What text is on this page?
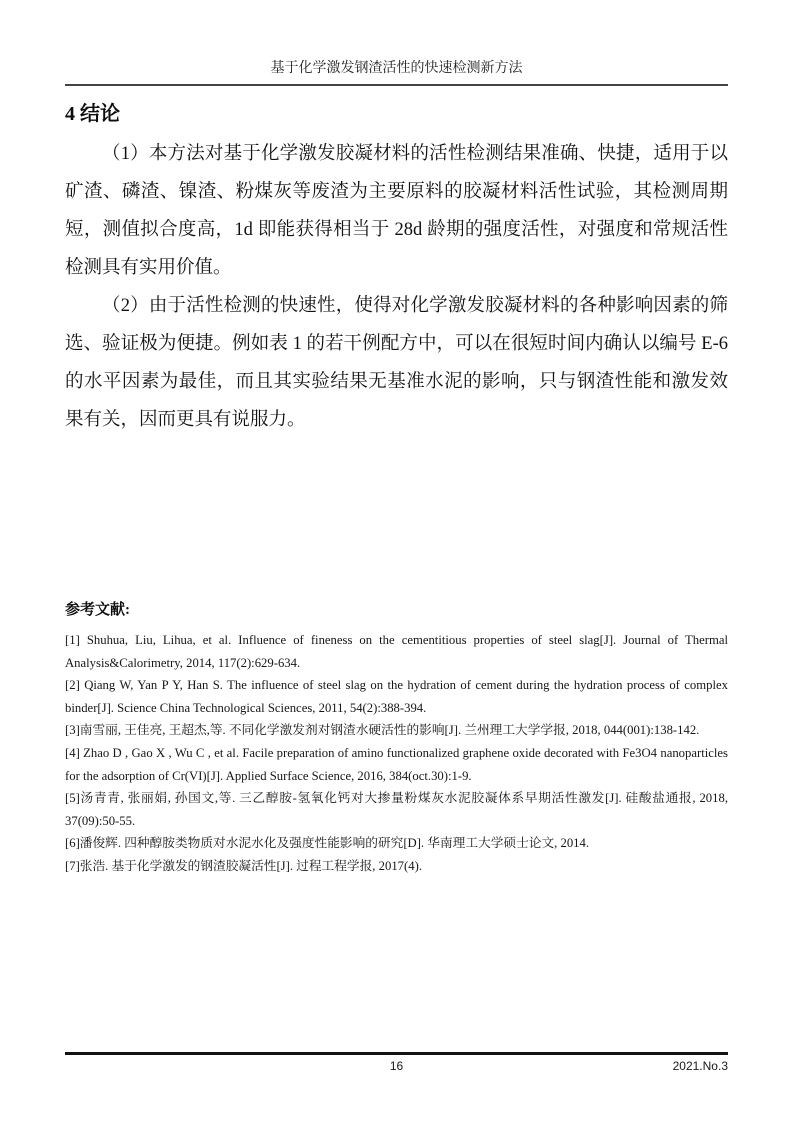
基于化学激发钢渣活性的快速检测新方法
4 结论

（1）本方法对基于化学激发胶凝材料的活性检测结果准确、快捷，适用于以矿渣、磷渣、镍渣、粉煤灰等废渣为主要原料的胶凝材料活性试验，其检测周期短，测值拟合度高，1d 即能获得相当于 28d 龄期的强度活性，对强度和常规活性检测具有实用价值。

（2）由于活性检测的快速性，使得对化学激发胶凝材料的各种影响因素的筛选、验证极为便捷。例如表 1 的若干例配方中，可以在很短时间内确认以编号 E-6 的水平因素为最佳，而且其实验结果无基准水泥的影响，只与钢渣性能和激发效果有关，因而更具有说服力。

参考文献:
[1] Shuhua, Liu, Lihua, et al. Influence of fineness on the cementitious properties of steel slag[J]. Journal of Thermal Analysis&Calorimetry, 2014, 117(2):629-634.
[2] Qiang W, Yan P Y, Han S. The influence of steel slag on the hydration of cement during the hydration process of complex binder[J]. Science China Technological Sciences, 2011, 54(2):388-394.
[3]南雪丽, 王佳亮, 王超杰,等. 不同化学激发剂对钢渣水硬活性的影响[J]. 兰州理工大学学报, 2018, 044(001):138-142.
[4] Zhao D , Gao X , Wu C , et al. Facile preparation of amino functionalized graphene oxide decorated with Fe3O4 nanoparticles for the adsorption of Cr(VI)[J]. Applied Surface Science, 2016, 384(oct.30):1-9.
[5]汤青青, 张丽娟, 孙国文,等. 三乙醇胺-氢氧化钙对大掺量粉煤灰水泥胶凝体系早期活性激发[J]. 硅酸盐通报, 2018, 37(09):50-55.
[6]潘俊辉. 四种醇胺类物质对水泥水化及强度性能影响的研究[D]. 华南理工大学硕士论文, 2014.
[7]张浩. 基于化学激发的钢渣胶凝活性[J]. 过程工程学报, 2017(4).
16	2021.No.3
